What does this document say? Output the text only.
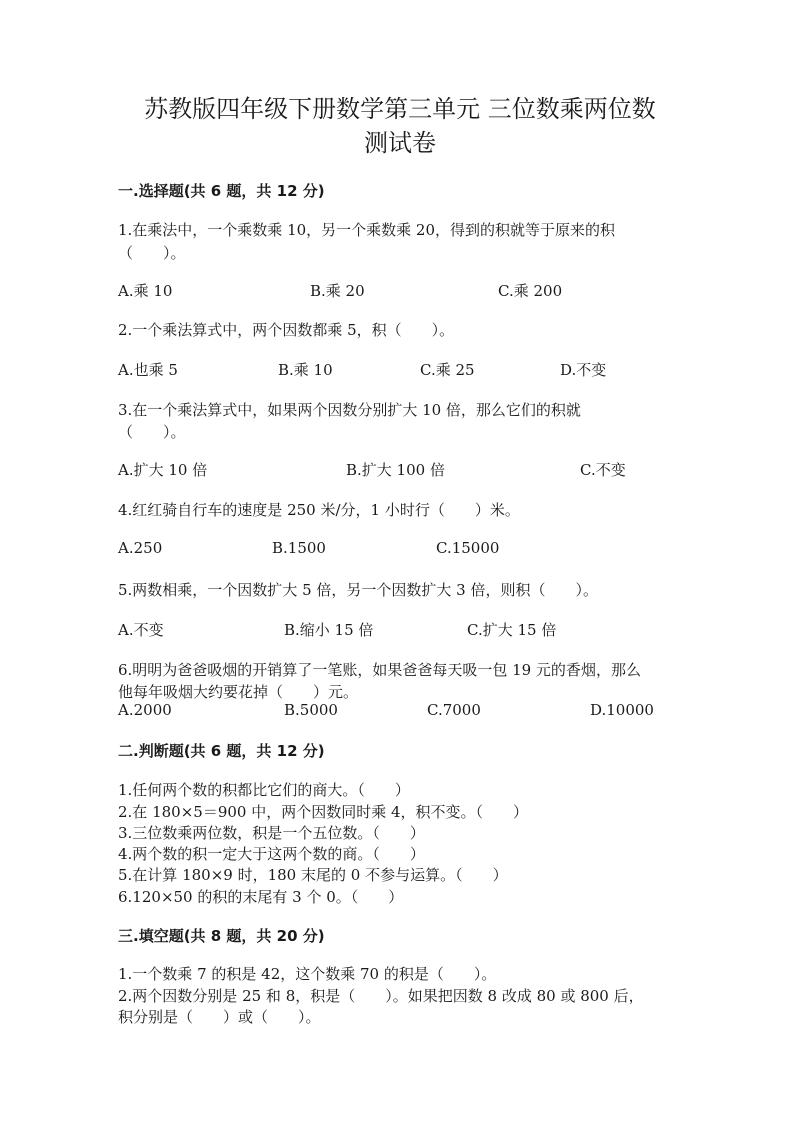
苏教版四年级下册数学第三单元 三位数乘两位数
测试卷
一.选择题(共 6 题，共 12 分)
1.在乘法中，一个乘数乘 10，另一个乘数乘 20，得到的积就等于原来的积
（　　）。
A.乘 10	B.乘 20	C.乘 200
2.一个乘法算式中，两个因数都乘 5，积（　　）。
A.也乘 5	B.乘 10	C.乘 25	D.不变
3.在一个乘法算式中，如果两个因数分别扩大 10 倍，那么它们的积就
（　　）。
A.扩大 10 倍	B.扩大 100 倍	C.不变
4.红红骑自行车的速度是 250 米/分，1 小时行（　　）米。
A.250	B.1500	C.15000
5.两数相乘，一个因数扩大 5 倍，另一个因数扩大 3 倍，则积（　　）。
A.不变	B.缩小 15 倍	C.扩大 15 倍
6.明明为爸爸吸烟的开销算了一笔账，如果爸爸每天吸一包 19 元的香烟，那么
他每年吸烟大约要花掉（　　）元。
A.2000	B.5000	C.7000	D.10000
二.判断题(共 6 题，共 12 分)
1.任何两个数的积都比它们的商大。（　　）
2.在 180×5＝900 中，两个因数同时乘 4，积不变。（　　）
3.三位数乘两位数，积是一个五位数。（　　）
4.两个数的积一定大于这两个数的商。（　　）
5.在计算 180×9 时，180 末尾的 0 不参与运算。（　　）
6.120×50 的积的末尾有 3 个 0。（　　）
三.填空题(共 8 题，共 20 分)
1.一个数乘 7 的积是 42，这个数乘 70 的积是（　　）。
2.两个因数分别是 25 和 8，积是（　　）。如果把因数 8 改成 80 或 800 后，
积分别是（　　）或（　　）。
